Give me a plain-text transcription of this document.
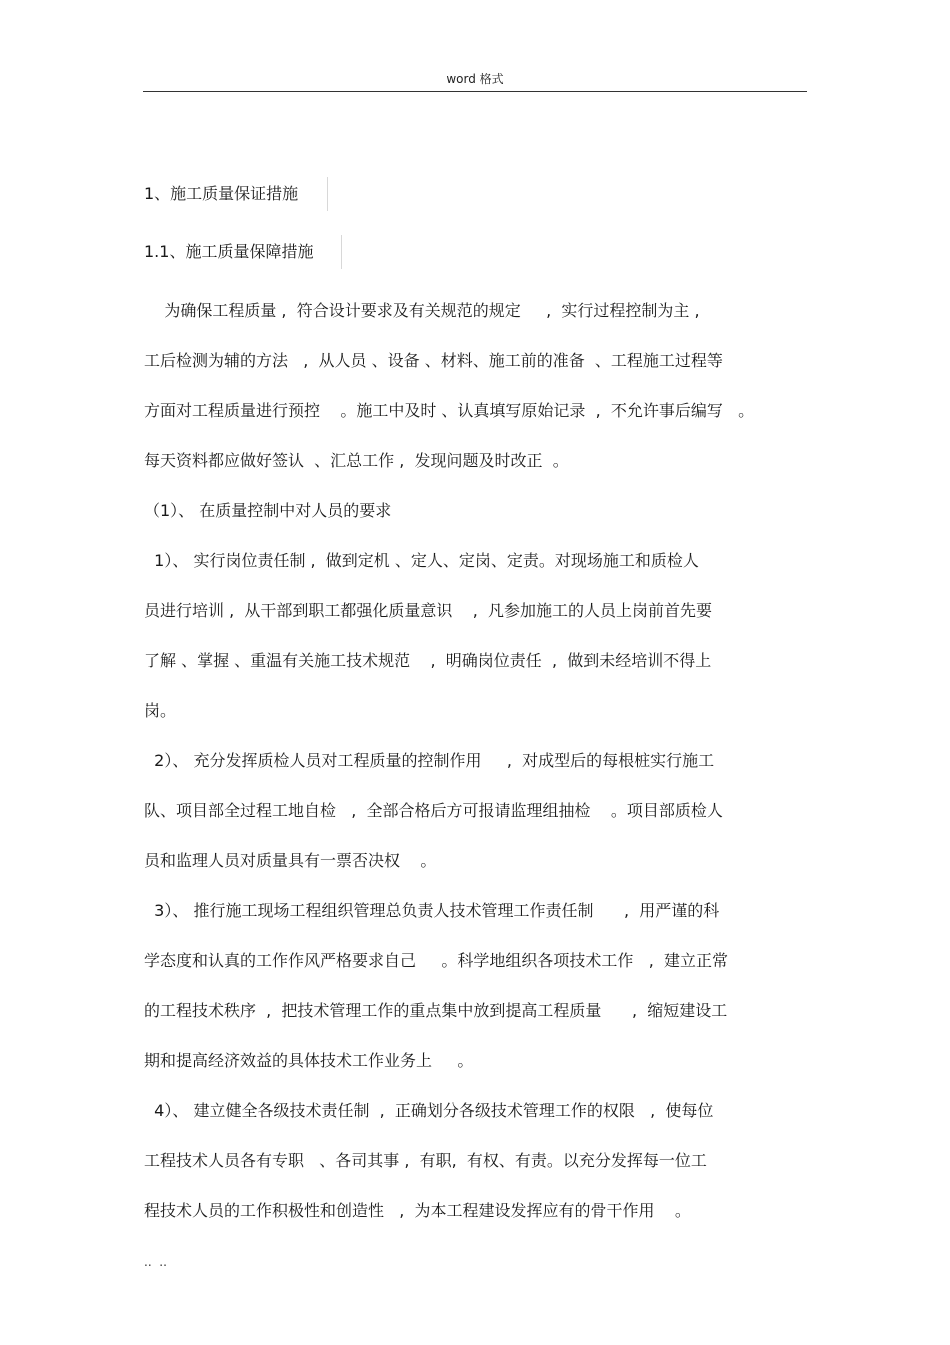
word 格式
1、施工质量保证措施
1.1、施工质量保障措施
为确保工程质量 ,  符合设计要求及有关规范的规定     ,  实行过程控制为主 ,
工后检测为辅的方法   ,  从人员 、设备 、材料、施工前的准备  、工程施工过程等
方面对工程质量进行预控    。施工中及时 、认真填写原始记录  ,  不允许事后编写   。
每天资料都应做好签认  、汇总工作 ,  发现问题及时改正  。
（1）、 在质量控制中对人员的要求
1）、 实行岗位责任制 ,  做到定机 、定人、定岗、定责。对现场施工和质检人
员进行培训 ,  从干部到职工都强化质量意识    ,  凡参加施工的人员上岗前首先要
了解 、掌握 、重温有关施工技术规范    ,  明确岗位责任  ,  做到未经培训不得上
岗。
2）、 充分发挥质检人员对工程质量的控制作用     ,  对成型后的每根桩实行施工
队、项目部全过程工地自检   ,  全部合格后方可报请监理组抽检    。项目部质检人
员和监理人员对质量具有一票否决权    。
3）、 推行施工现场工程组织管理总负责人技术管理工作责任制      ,  用严谨的科
学态度和认真的工作作风严格要求自己     。科学地组织各项技术工作   ,  建立正常
的工程技术秩序  ,  把技术管理工作的重点集中放到提高工程质量      ,  缩短建设工
期和提高经济效益的具体技术工作业务上     。
4）、 建立健全各级技术责任制  ,  正确划分各级技术管理工作的权限   ,  使每位
工程技术人员各有专职   、各司其事 ,  有职,  有权、有责。以充分发挥每一位工
程技术人员的工作积极性和创造性   ,  为本工程建设发挥应有的骨干作用    。
..  ..
